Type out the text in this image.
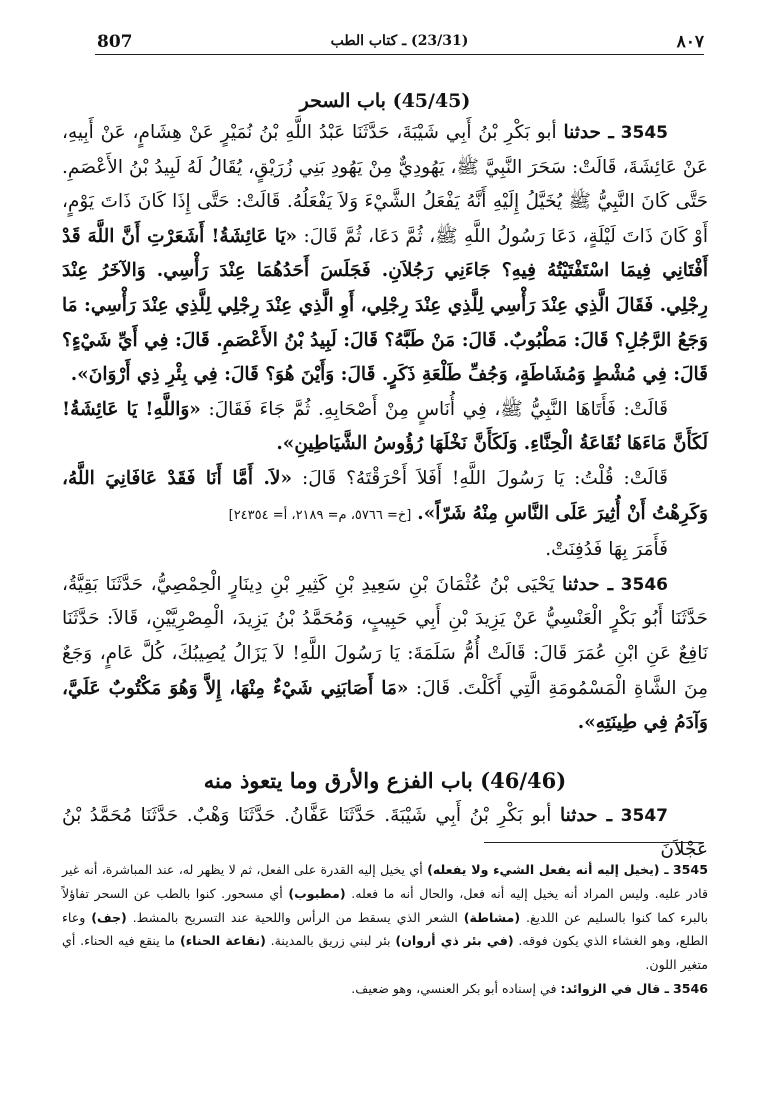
807	(23/31) ـ كتاب الطب	٨٠٧
(45/45) باب السحر

3545 ـ حدثنا أبو بَكْرِ بْنُ أَبِي شَيْبَةَ، حَدَّثَنَا عَبْدُ اللَّهِ بْنُ نُمَيْرٍ عَنْ هِشَامٍ، عَنْ أَبِيهِ، عَنْ عَائِشَةَ، قَالَتْ: سَحَرَ النَّبِيَّ ﷺ، يَهُودِيٌّ مِنْ يَهُودِ بَنِي زُرَيْقٍ، يُقَالُ لَهُ لَبِيدُ بْنُ الأَعْصَمِ. حَتَّى كَانَ النَّبِيُّ ﷺ يُخَيَّلُ إِلَيْهِ أَنَّهُ يَفْعَلُ الشَّيْءَ وَلاَ يَفْعَلُهُ. قَالَتْ: حَتَّى إِذَا كَانَ ذَاتَ يَوْمٍ، أَوْ كَانَ ذَاتَ لَيْلَةٍ، دَعَا رَسُولُ اللَّهِ ﷺ، ثُمَّ دَعَا، ثُمَّ قَالَ: «يَا عَائِشَةُ! أَشَعَرْتِ أَنَّ اللَّهَ قَدْ أَفْتَانِي فِيمَا اسْتَفْتَيْتُهُ فِيهِ؟ جَاءَنِي رَجُلاَنِ. فَجَلَسَ أَحَدُهُمَا عِنْدَ رَأْسِي. وَالآخَرُ عِنْدَ رِجْلِي. فَقَالَ الَّذِي عِنْدَ رَأْسِي لِلَّذِي عِنْدَ رِجْلِي، أَوِ الَّذِي عِنْدَ رِجْلِي لِلَّذِي عِنْدَ رَأْسِي: مَا وَجَعُ الرَّجُلِ؟ قَالَ: مَطْبُوبٌ. قَالَ: مَنْ طَبَّهُ؟ قَالَ: لَبِيدُ بْنُ الأَعْصَمِ. قَالَ: فِي أَيِّ شَيْءٍ؟ قَالَ: فِي مُشْطٍ وَمُشَاطَةٍ، وَجُفِّ طَلْعَةِ ذَكَرٍ. قَالَ: وَأَيْنَ هُوَ؟ قَالَ: فِي بِئْرِ ذِي أَرْوَانَ».

قَالَتْ: فَأَتَاهَا النَّبِيُّ ﷺ، فِي أُنَاسٍ مِنْ أَصْحَابِهِ. ثُمَّ جَاءَ فَقَالَ: «وَاللَّهِ! يَا عَائِشَةُ! لَكَأَنَّ مَاءَهَا نُقَاعَةُ الْحِنَّاءِ. وَلَكَأَنَّ نَخْلَهَا رُؤُوسُ الشَّيَاطِينِ».

قَالَتْ: قُلْتُ: يَا رَسُولَ اللَّهِ! أَفَلاَ أَحْرَقْتَهُ؟ قَالَ: «لاَ. أَمَّا أَنَا فَقَدْ عَافَانِيَ اللَّهُ، وَكَرِهْتُ أَنْ أُثِيرَ عَلَى النَّاسِ مِنْهُ شَرّاً». [خ= ٥٧٦٦، م= ٢١٨٩، أ= ٢٤٣٥٤]

فَأَمَرَ بِهَا فَدُفِنَتْ.

3546 ـ حدثنا يَحْيَى بْنُ عُثْمَانَ بْنِ سَعِيدِ بْنِ كَثِيرِ بْنِ دِينَارٍ الْحِمْصِيُّ، حَدَّثَنَا بَقِيَّةُ، حَدَّثَنَا أَبُو بَكْرٍ الْعَنْسِيُّ عَنْ يَزِيدَ بْنِ أَبِي حَبِيبٍ، وَمُحَمَّدُ بْنُ يَزِيدَ، الْمِصْرِيَّيْنِ، قَالاَ: حَدَّثَنَا نَافِعٌ عَنِ ابْنِ عُمَرَ قَالَ: قَالَتْ أُمُّ سَلَمَةَ: يَا رَسُولَ اللَّهِ! لاَ يَزَالُ يُصِيبُكَ، كُلَّ عَامٍ، وَجَعٌ مِنَ الشَّاةِ الْمَسْمُومَةِ الَّتِي أَكَلْتَ. قَالَ: «مَا أَصَابَنِي شَيْءٌ مِنْهَا، إِلاَّ وَهُوَ مَكْتُوبٌ عَلَيَّ، وَآدَمُ فِي طِينَتِهِ».

(46/46) باب الفزع والأرق وما يتعوذ منه

3547 ـ حدثنا أبو بَكْرِ بْنُ أَبِي شَيْبَةَ. حَدَّثَنَا عَفَّانُ. حَدَّثَنَا وَهْبٌ. حَدَّثَنَا مُحَمَّدُ بْنُ عَجْلاَنَ

3545 ـ (يخيل إليه أنه يفعل الشيء ولا يفعله) أي يخيل إليه القدرة على الفعل، ثم لا يظهر له، عند المباشرة، أنه غير قادر عليه. وليس المراد أنه يخيل إليه أنه فعل، والحال أنه ما فعله. (مطبوب) أي مسحور. كنوا بالطب عن السحر تفاؤلاً بالبرء كما كنوا بالسليم عن اللديغ. (مشاطة) الشعر الذي يسقط من الرأس واللحية عند التسريح بالمشط. (جف) وعاء الطلع، وهو الغشاء الذي يكون فوقه. (في بئر ذي أروان) بئر لبني زريق بالمدينة. (نقاعة الحناء) ما ينقع فيه الحناء. أي متغير اللون.

3546 ـ قال في الزوائد: في إسناده أبو بكر العنسي، وهو ضعيف.
